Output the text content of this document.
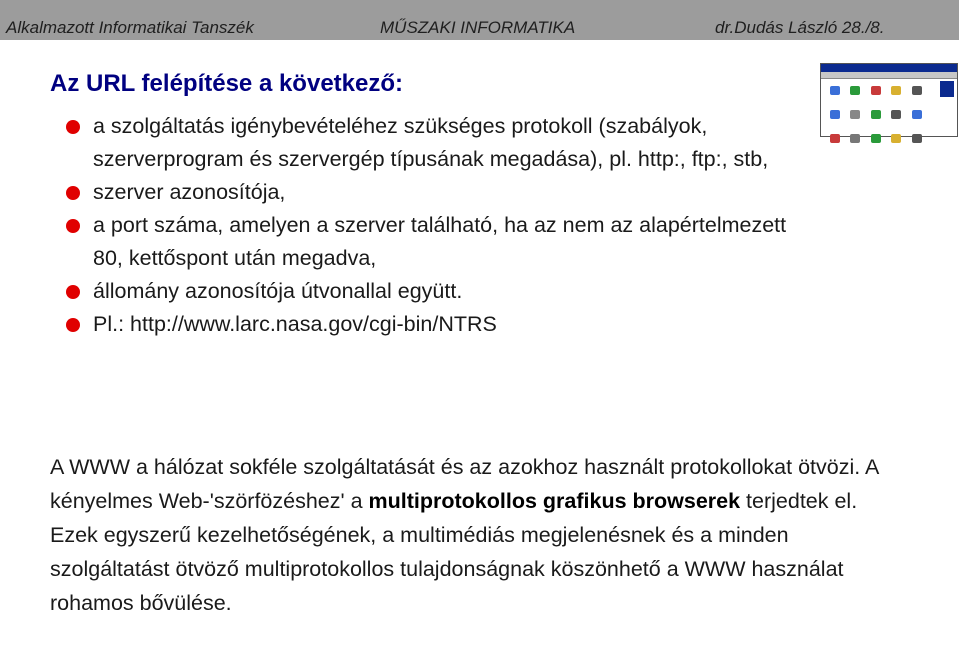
Alkalmazott Informatikai Tanszék	MŰSZAKI INFORMATIKA	dr.Dudás László 28./8.
Az URL felépítése a következő:

a szolgáltatás igénybevételéhez szükséges protokoll (szabályok, szerverprogram és szervergép típusának megadása), pl. http:, ftp:, stb,
szerver azonosítója,
a port száma, amelyen a szerver található, ha az nem az alapértelmezett 80, kettőspont után megadva,
állomány azonosítója útvonallal együtt.
Pl.: http://www.larc.nasa.gov/cgi-bin/NTRS
A WWW a hálózat sokféle szolgáltatását és az azokhoz használt protokollokat ötvözi. A kényelmes Web-'szörfözéshez' a multiprotokollos grafikus browserek terjedtek el. Ezek egyszerű kezelhetőségének, a multimédiás megjelenésnek és a minden szolgáltatást ötvöző multiprotokollos tulajdonságnak köszönhető a WWW használat rohamos bővülése.
